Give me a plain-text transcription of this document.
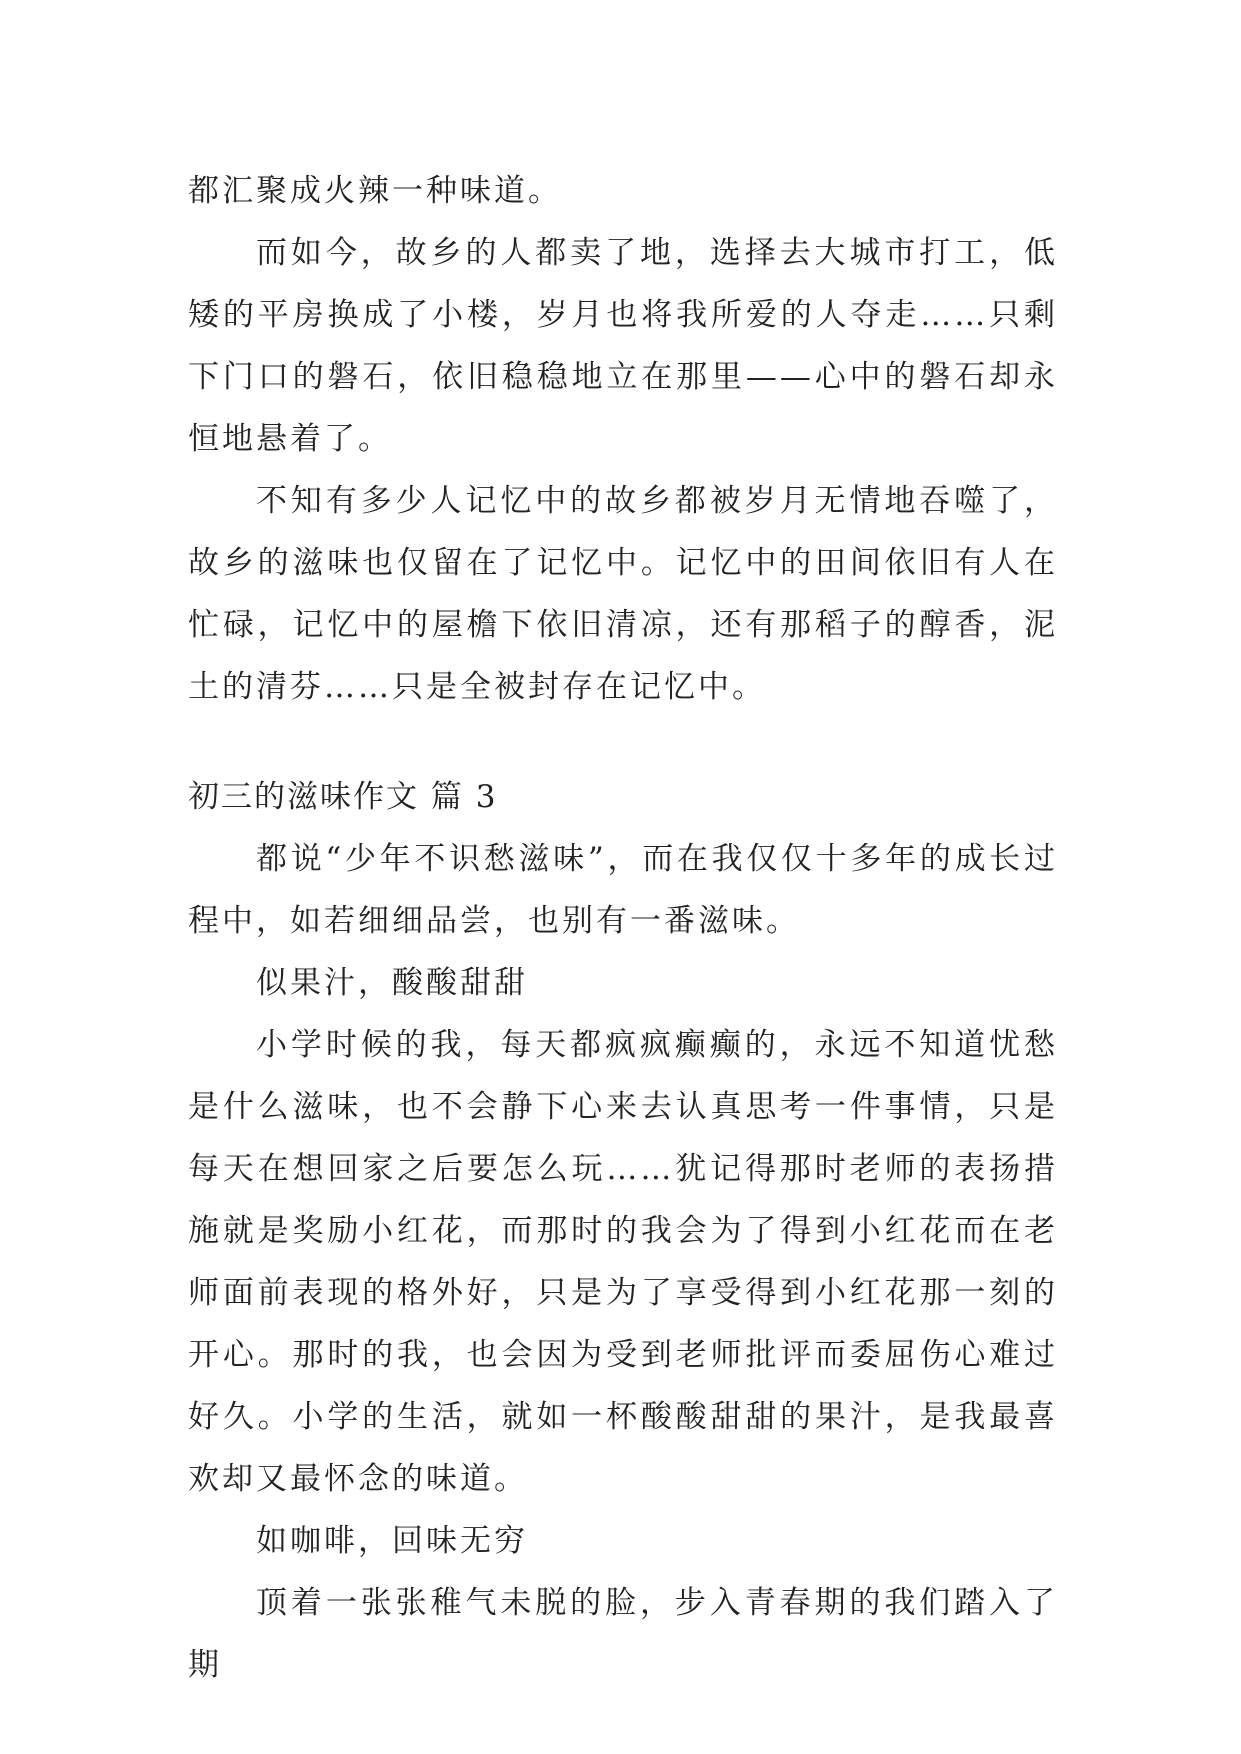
都汇聚成火辣一种味道。

而如今，故乡的人都卖了地，选择去大城市打工，低矮的平房换成了小楼，岁月也将我所爱的人夺走……只剩下门口的磐石，依旧稳稳地立在那里——心中的磐石却永恒地悬着了。

不知有多少人记忆中的故乡都被岁月无情地吞噬了，故乡的滋味也仅留在了记忆中。记忆中的田间依旧有人在忙碌，记忆中的屋檐下依旧清凉，还有那稻子的醇香，泥土的清芬……只是全被封存在记忆中。

初三的滋味作文 篇 3

都说“少年不识愁滋味”，而在我仅仅十多年的成长过程中，如若细细品尝，也别有一番滋味。

似果汁，酸酸甜甜

小学时候的我，每天都疯疯癫癫的，永远不知道忧愁是什么滋味，也不会静下心来去认真思考一件事情，只是每天在想回家之后要怎么玩……犹记得那时老师的表扬措施就是奖励小红花，而那时的我会为了得到小红花而在老师面前表现的格外好，只是为了享受得到小红花那一刻的开心。那时的我，也会因为受到老师批评而委屈伤心难过好久。小学的生活，就如一杯酸酸甜甜的果汁，是我最喜欢却又最怀念的味道。

如咖啡，回味无穷

顶着一张张稚气未脱的脸，步入青春期的我们踏入了期
